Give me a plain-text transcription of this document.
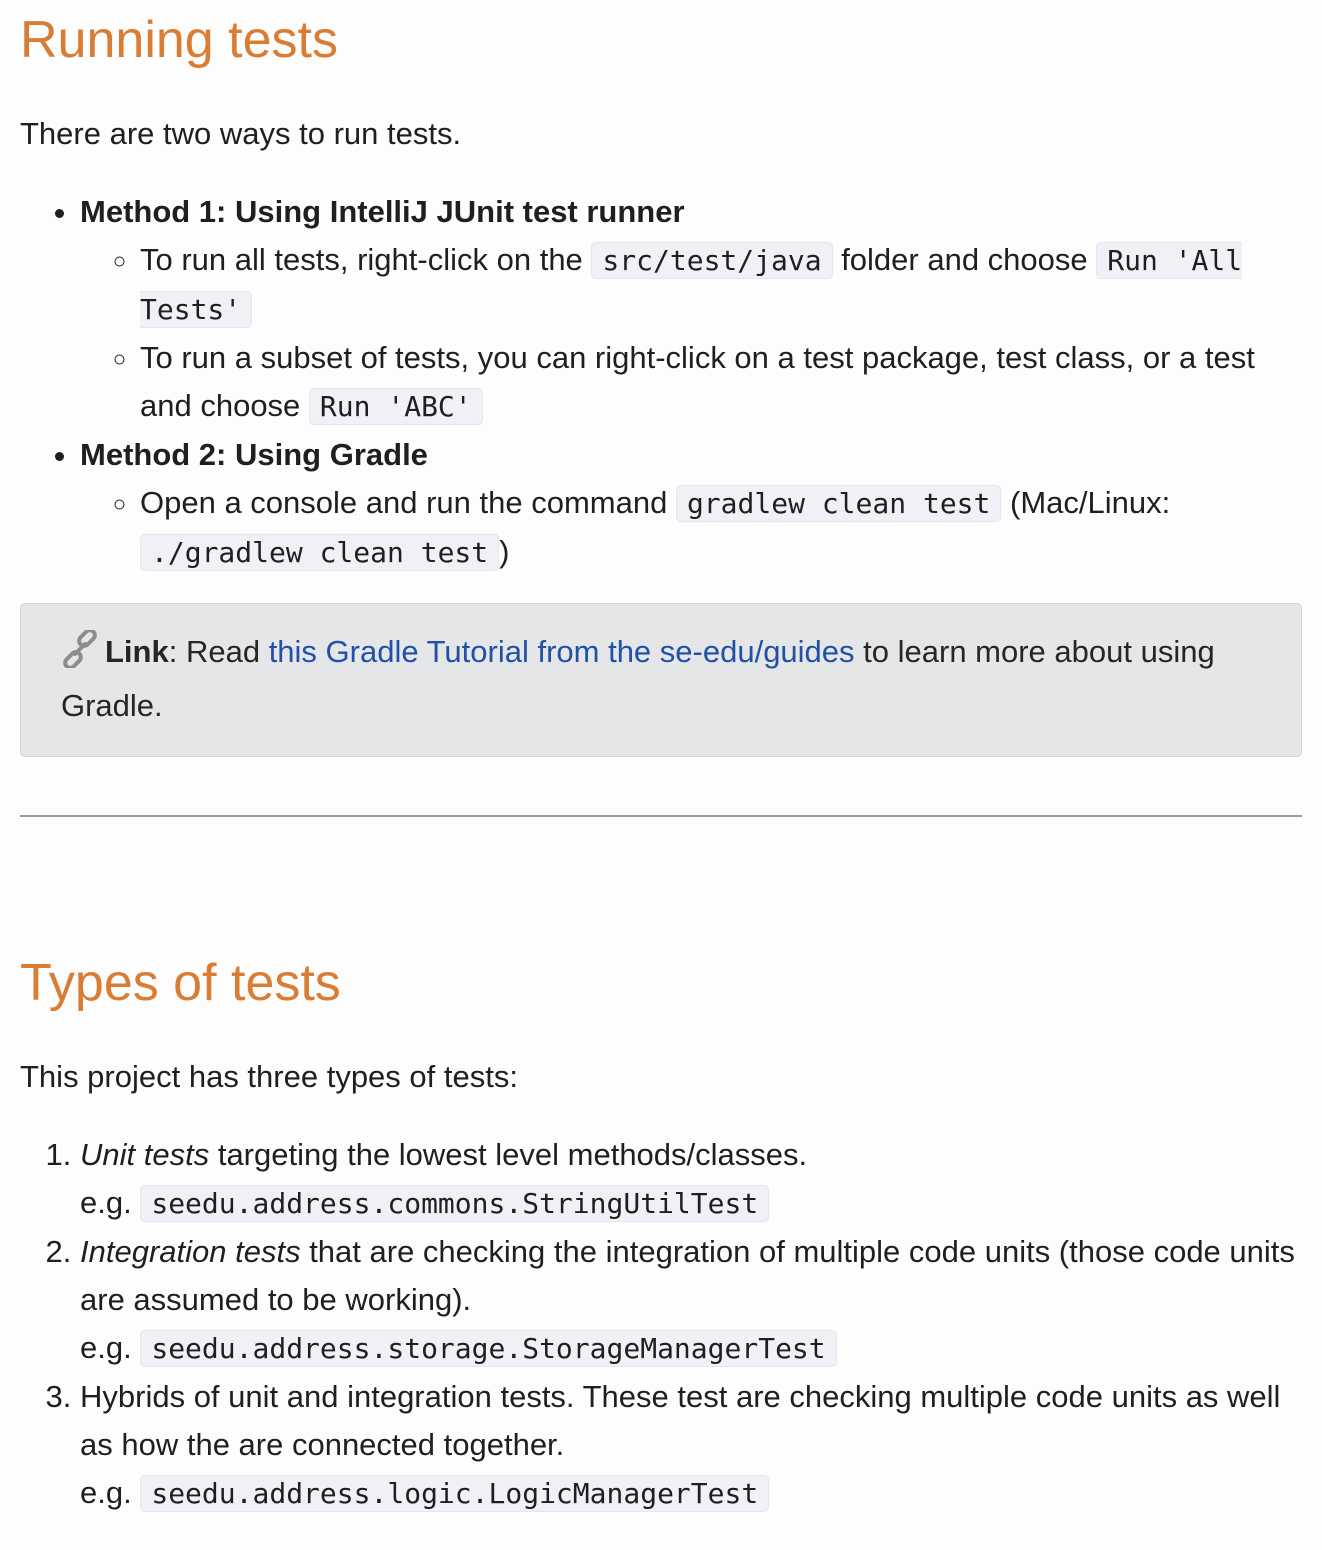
Running tests

There are two ways to run tests.

• Method 1: Using IntelliJ JUnit test runner
◦ To run all tests, right-click on the src/test/java folder and choose Run 'All Tests'
◦ To run a subset of tests, you can right-click on a test package, test class, or a test and choose Run 'ABC'
• Method 2: Using Gradle
◦ Open a console and run the command gradlew clean test (Mac/Linux: ./gradlew clean test )
Link: Read this Gradle Tutorial from the se-edu/guides to learn more about using Gradle.
Types of tests

This project has three types of tests:

1. Unit tests targeting the lowest level methods/classes.
e.g. seedu.address.commons.StringUtilTest
2. Integration tests that are checking the integration of multiple code units (those code units are assumed to be working).
e.g. seedu.address.storage.StorageManagerTest
3. Hybrids of unit and integration tests. These test are checking multiple code units as well as how the are connected together.
e.g. seedu.address.logic.LogicManagerTest
